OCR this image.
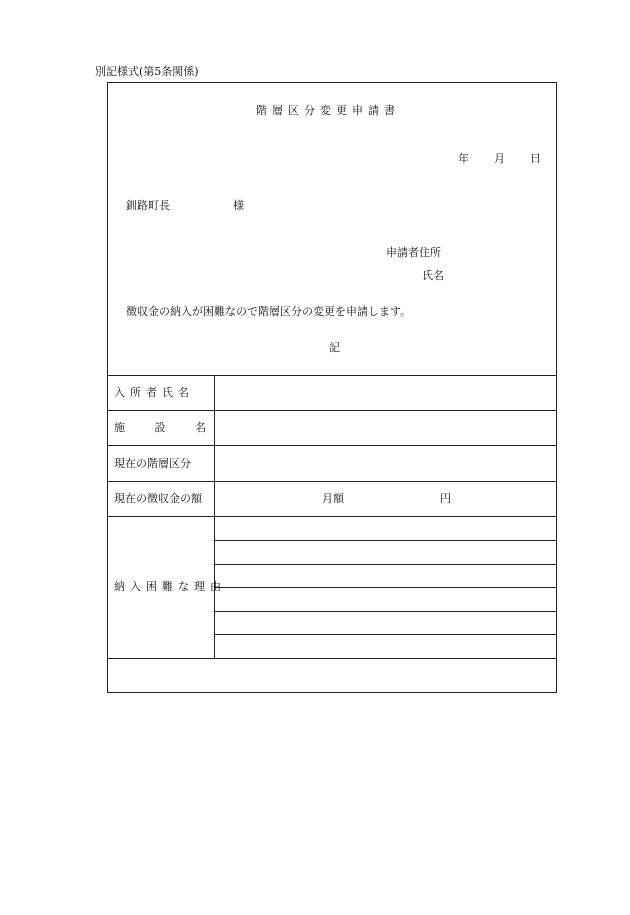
別記様式(第5条関係)
階層区分変更申請書
年 月 日
釧路町長	様
申請者住所
氏名
徴収金の納入が困難なので階層区分の変更を申請します。
記
入所者氏名
施設名
現在の階層区分
現在の徴収金の額	月額	円
納入困難な理由
